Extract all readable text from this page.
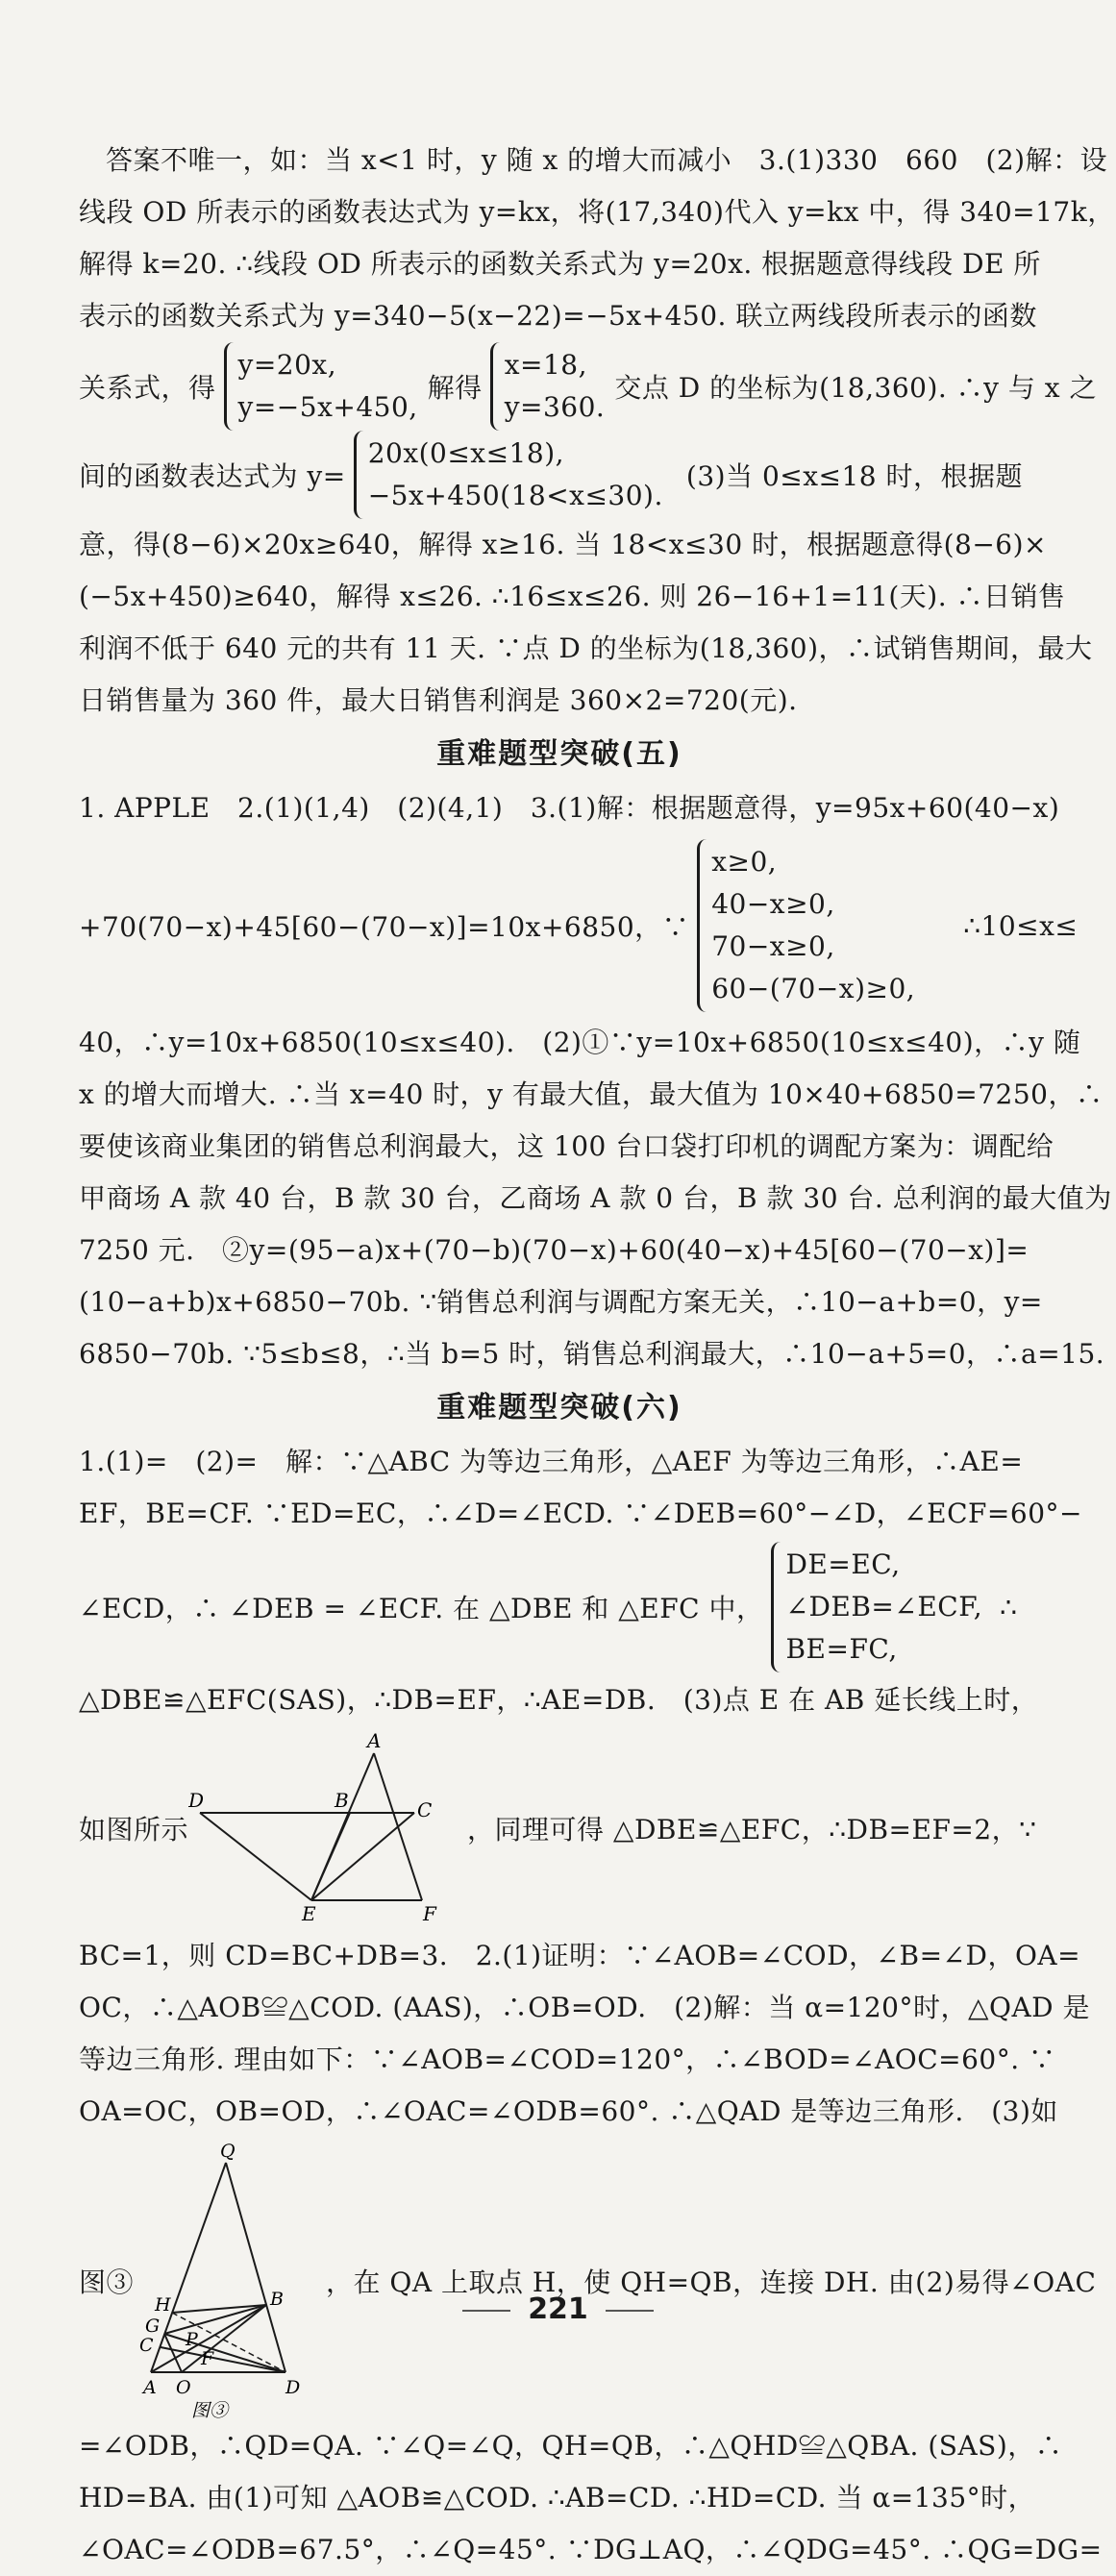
答案不唯一，如：当 x<1 时，y 随 x 的增大而减小　3.(1)330　660　(2)解：设
线段 OD 所表示的函数表达式为 y=kx，将(17,340)代入 y=kx 中，得 340=17k，
解得 k=20. ∴线段 OD 所表示的函数关系式为 y=20x. 根据题意得线段 DE 所
表示的函数关系式为 y=340−5(x−22)=−5x+450. 联立两线段所表示的函数
关系式，得
y=20x,
y=−5x+450,
解得
x=18,
y=360.
交点 D 的坐标为(18,360). ∴y 与 x 之
间的函数表达式为 y=
20x(0≤x≤18),
−5x+450(18<x≤30).
(3)当 0≤x≤18 时，根据题
意，得(8−6)×20x≥640，解得 x≥16. 当 18<x≤30 时，根据题意得(8−6)×
(−5x+450)≥640，解得 x≤26. ∴16≤x≤26. 则 26−16+1=11(天). ∴日销售
利润不低于 640 元的共有 11 天. ∵点 D 的坐标为(18,360)，∴试销售期间，最大
日销售量为 360 件，最大日销售利润是 360×2=720(元).
重难题型突破(五)
1. APPLE　2.(1)(1,4)　(2)(4,1)　3.(1)解：根据题意得，y=95x+60(40−x)
+70(70−x)+45[60−(70−x)]=10x+6850，∵
x≥0,
40−x≥0,
70−x≥0,
60−(70−x)≥0,
∴10≤x≤
40，∴y=10x+6850(10≤x≤40).　(2)①∵y=10x+6850(10≤x≤40)，∴y 随
x 的增大而增大. ∴当 x=40 时，y 有最大值，最大值为 10×40+6850=7250，∴
要使该商业集团的销售总利润最大，这 100 台口袋打印机的调配方案为：调配给
甲商场 A 款 40 台，B 款 30 台，乙商场 A 款 0 台，B 款 30 台. 总利润的最大值为
7250 元.　②y=(95−a)x+(70−b)(70−x)+60(40−x)+45[60−(70−x)]=
(10−a+b)x+6850−70b. ∵销售总利润与调配方案无关，∴10−a+b=0，y=
6850−70b. ∵5≤b≤8，∴当 b=5 时，销售总利润最大，∴10−a+5=0，∴a=15.
重难题型突破(六)
1.(1)=　(2)=　解：∵△ABC 为等边三角形，△AEF 为等边三角形，∴AE=
EF，BE=CF. ∵ED=EC，∴∠D=∠ECD. ∵∠DEB=60°−∠D，∠ECF=60°−
∠ECD，∴ ∠DEB = ∠ECF. 在 △DBE 和 △EFC 中，
DE=EC,
∠DEB=∠ECF,
BE=FC,
∴
△DBE≌△EFC(SAS)，∴DB=EF，∴AE=DB.　(3)点 E 在 AB 延长线上时，
如图所示
A
B	C
D
E	F
，同理可得 △DBE≌△EFC，∴DB=EF=2，∵
BC=1，则 CD=BC+DB=3.　2.(1)证明：∵∠AOB=∠COD，∠B=∠D，OA=
OC，∴△AOB≌△COD. (AAS)，∴OB=OD.　(2)解：当 α=120°时，△QAD 是
等边三角形. 理由如下：∵∠AOB=∠COD=120°，∴∠BOD=∠AOC=60°. ∵
OA=OC，OB=OD，∴∠OAC=∠ODB=60°. ∴△QAD 是等边三角形.　(3)如
图③
Q
H	B
G
P
C
F
A O	D
图③
，在 QA 上取点 H，使 QH=QB，连接 DH. 由(2)易得∠OAC
=∠ODB，∴QD=QA. ∵∠Q=∠Q，QH=QB，∴△QHD≌△QBA. (SAS)，∴
HD=BA. 由(1)可知 △AOB≌△COD. ∴AB=CD. ∴HD=CD. 当 α=135°时，
∠OAC=∠ODB=67.5°，∴∠Q=45°. ∵DG⊥AQ，∴∠QDG=45°. ∴QG=DG=
221
